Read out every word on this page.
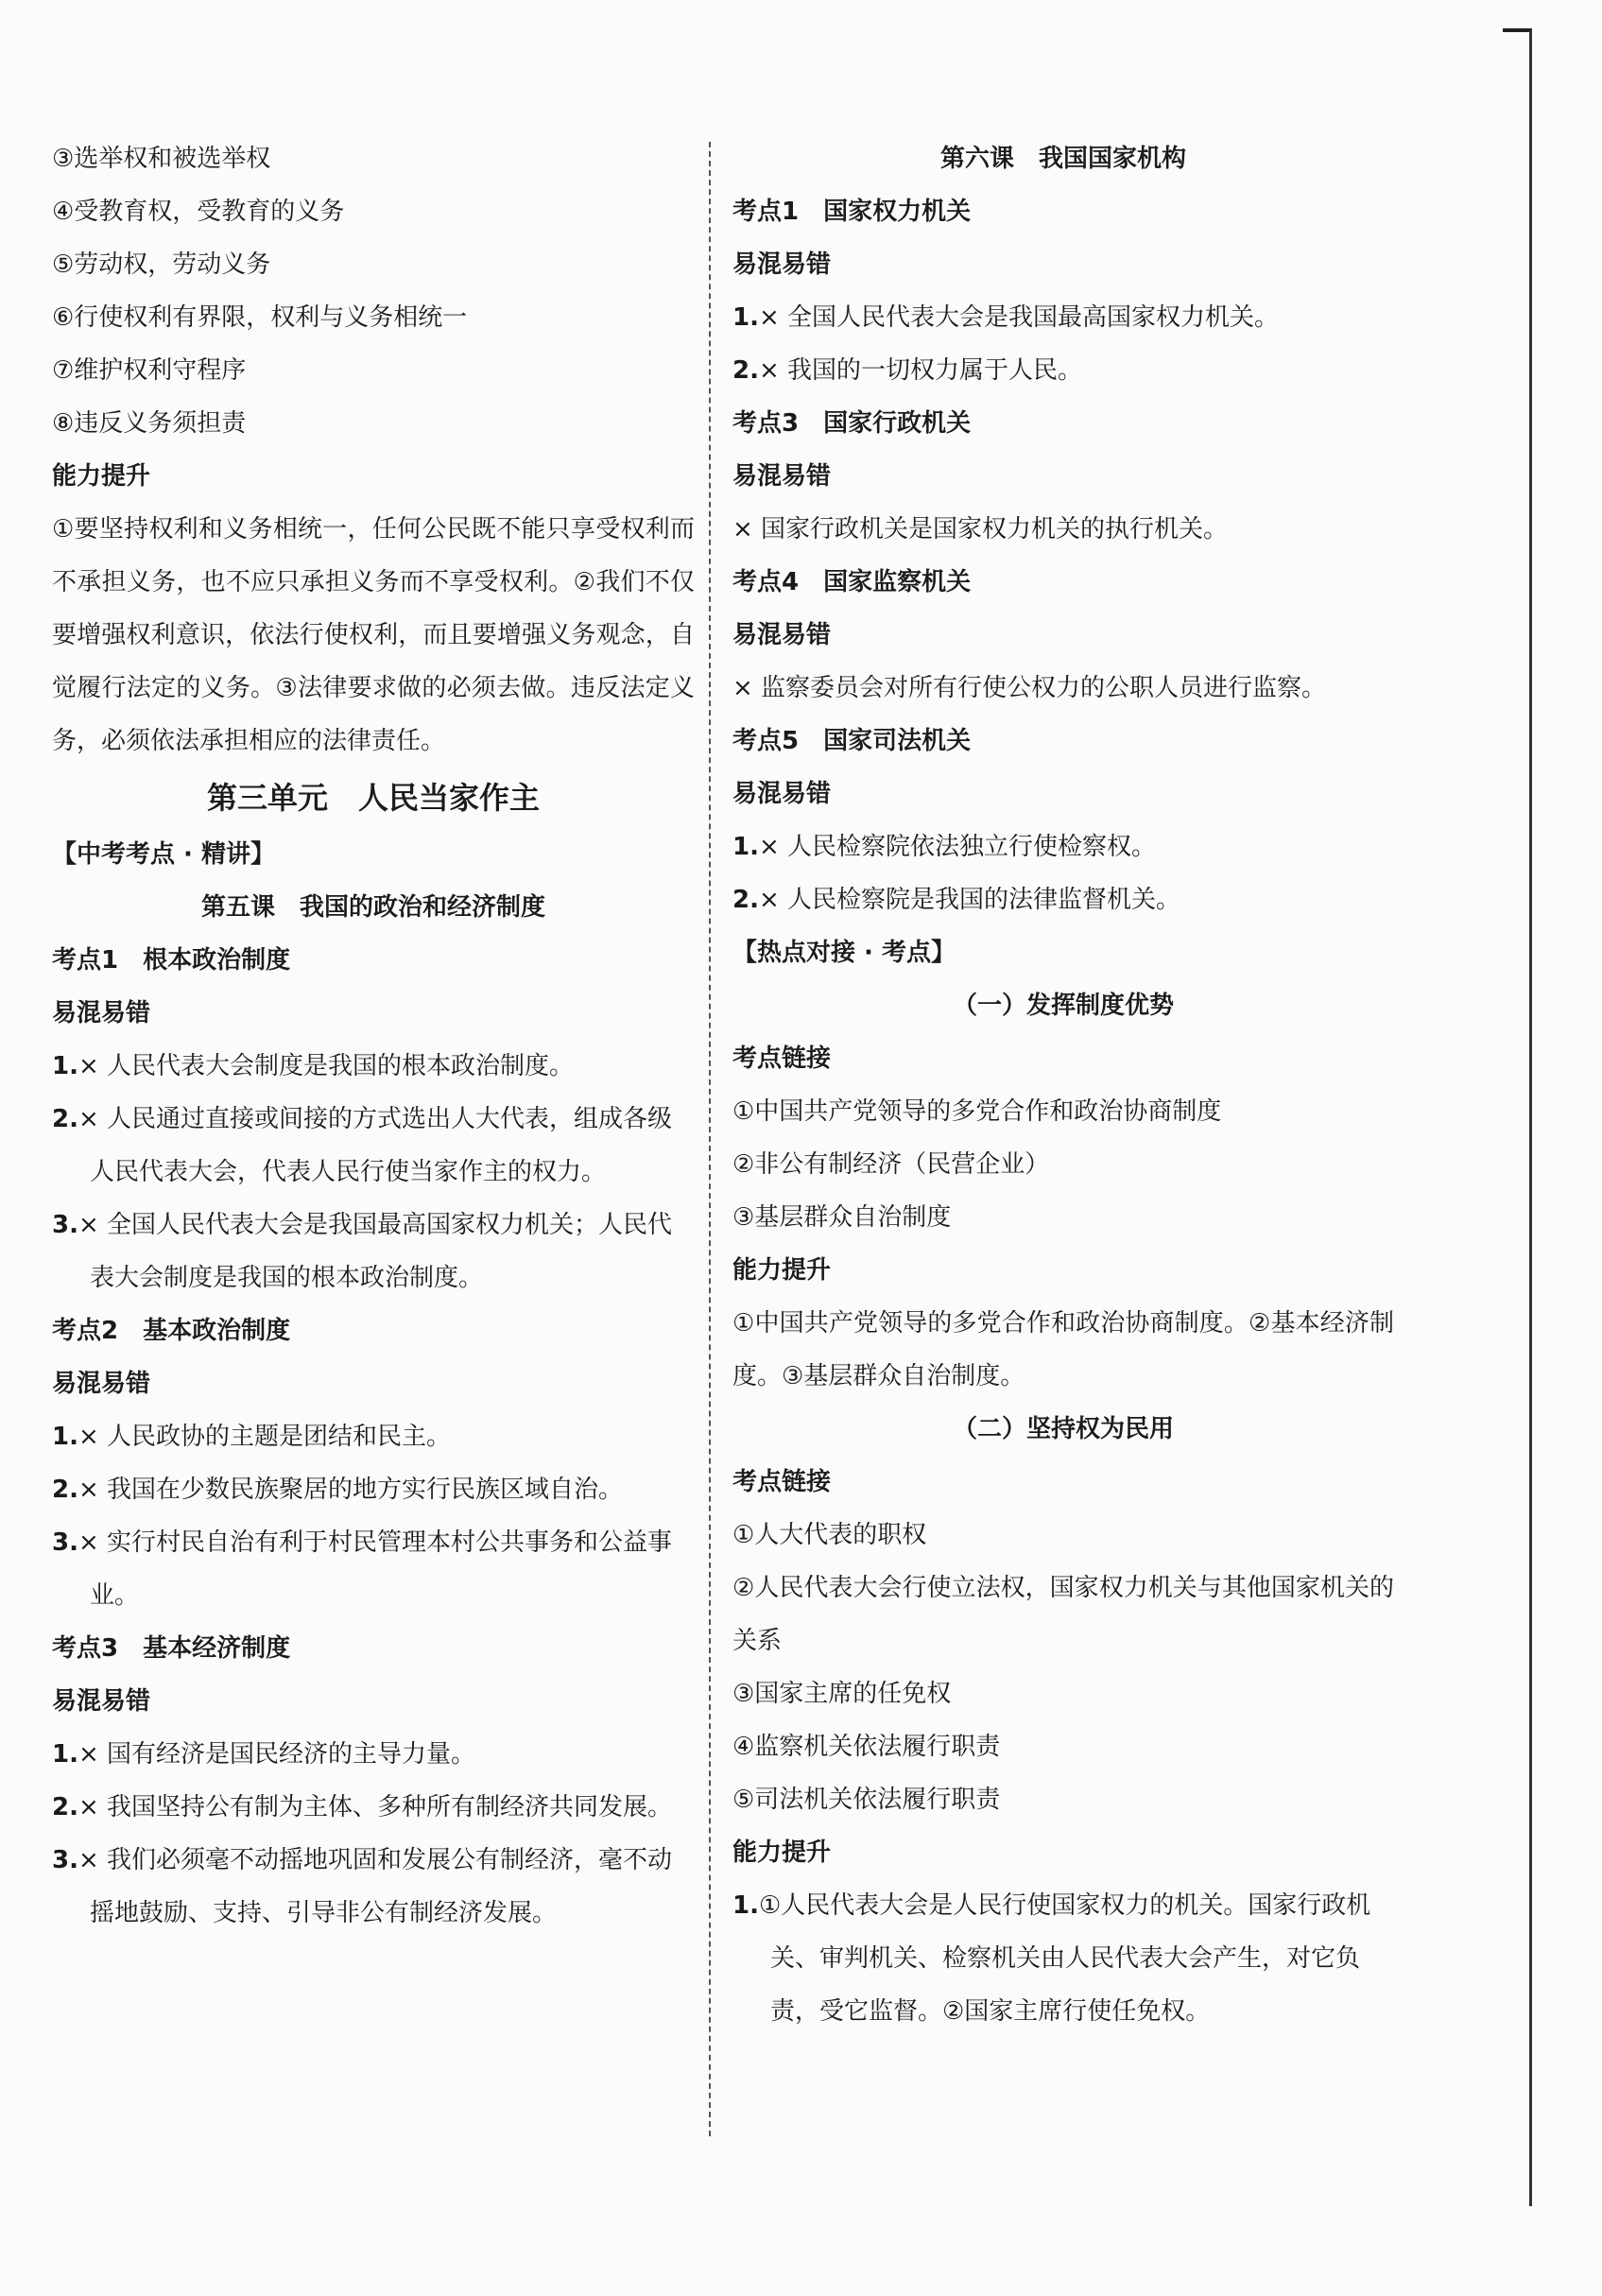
③选举权和被选举权
④受教育权，受教育的义务
⑤劳动权，劳动义务
⑥行使权利有界限，权利与义务相统一
⑦维护权利守程序
⑧违反义务须担责
能力提升
①要坚持权利和义务相统一，任何公民既不能只享受权利而不承担义务，也不应只承担义务而不享受权利。②我们不仅要增强权利意识，依法行使权利，而且要增强义务观念，自觉履行法定的义务。③法律要求做的必须去做。违反法定义务，必须依法承担相应的法律责任。
第三单元　人民当家作主
【中考考点 · 精讲】
第五课　我国的政治和经济制度
考点1　根本政治制度
易混易错
1.× 人民代表大会制度是我国的根本政治制度。
2.× 人民通过直接或间接的方式选出人大代表，组成各级人民代表大会，代表人民行使当家作主的权力。
3.× 全国人民代表大会是我国最高国家权力机关；人民代表大会制度是我国的根本政治制度。
考点2　基本政治制度
易混易错
1.× 人民政协的主题是团结和民主。
2.× 我国在少数民族聚居的地方实行民族区域自治。
3.× 实行村民自治有利于村民管理本村公共事务和公益事业。
考点3　基本经济制度
易混易错
1.× 国有经济是国民经济的主导力量。
2.× 我国坚持公有制为主体、多种所有制经济共同发展。
3.× 我们必须毫不动摇地巩固和发展公有制经济，毫不动摇地鼓励、支持、引导非公有制经济发展。
第六课　我国国家机构
考点1　国家权力机关
易混易错
1.× 全国人民代表大会是我国最高国家权力机关。
2.× 我国的一切权力属于人民。
考点3　国家行政机关
易混易错
× 国家行政机关是国家权力机关的执行机关。
考点4　国家监察机关
易混易错
× 监察委员会对所有行使公权力的公职人员进行监察。
考点5　国家司法机关
易混易错
1.× 人民检察院依法独立行使检察权。
2.× 人民检察院是我国的法律监督机关。
【热点对接 · 考点】
（一）发挥制度优势
考点链接
①中国共产党领导的多党合作和政治协商制度
②非公有制经济（民营企业）
③基层群众自治制度
能力提升
①中国共产党领导的多党合作和政治协商制度。②基本经济制度。③基层群众自治制度。
（二）坚持权为民用
考点链接
①人大代表的职权
②人民代表大会行使立法权，国家权力机关与其他国家机关的关系
③国家主席的任免权
④监察机关依法履行职责
⑤司法机关依法履行职责
能力提升
1.①人民代表大会是人民行使国家权力的机关。国家行政机关、审判机关、检察机关由人民代表大会产生，对它负责，受它监督。②国家主席行使任免权。
